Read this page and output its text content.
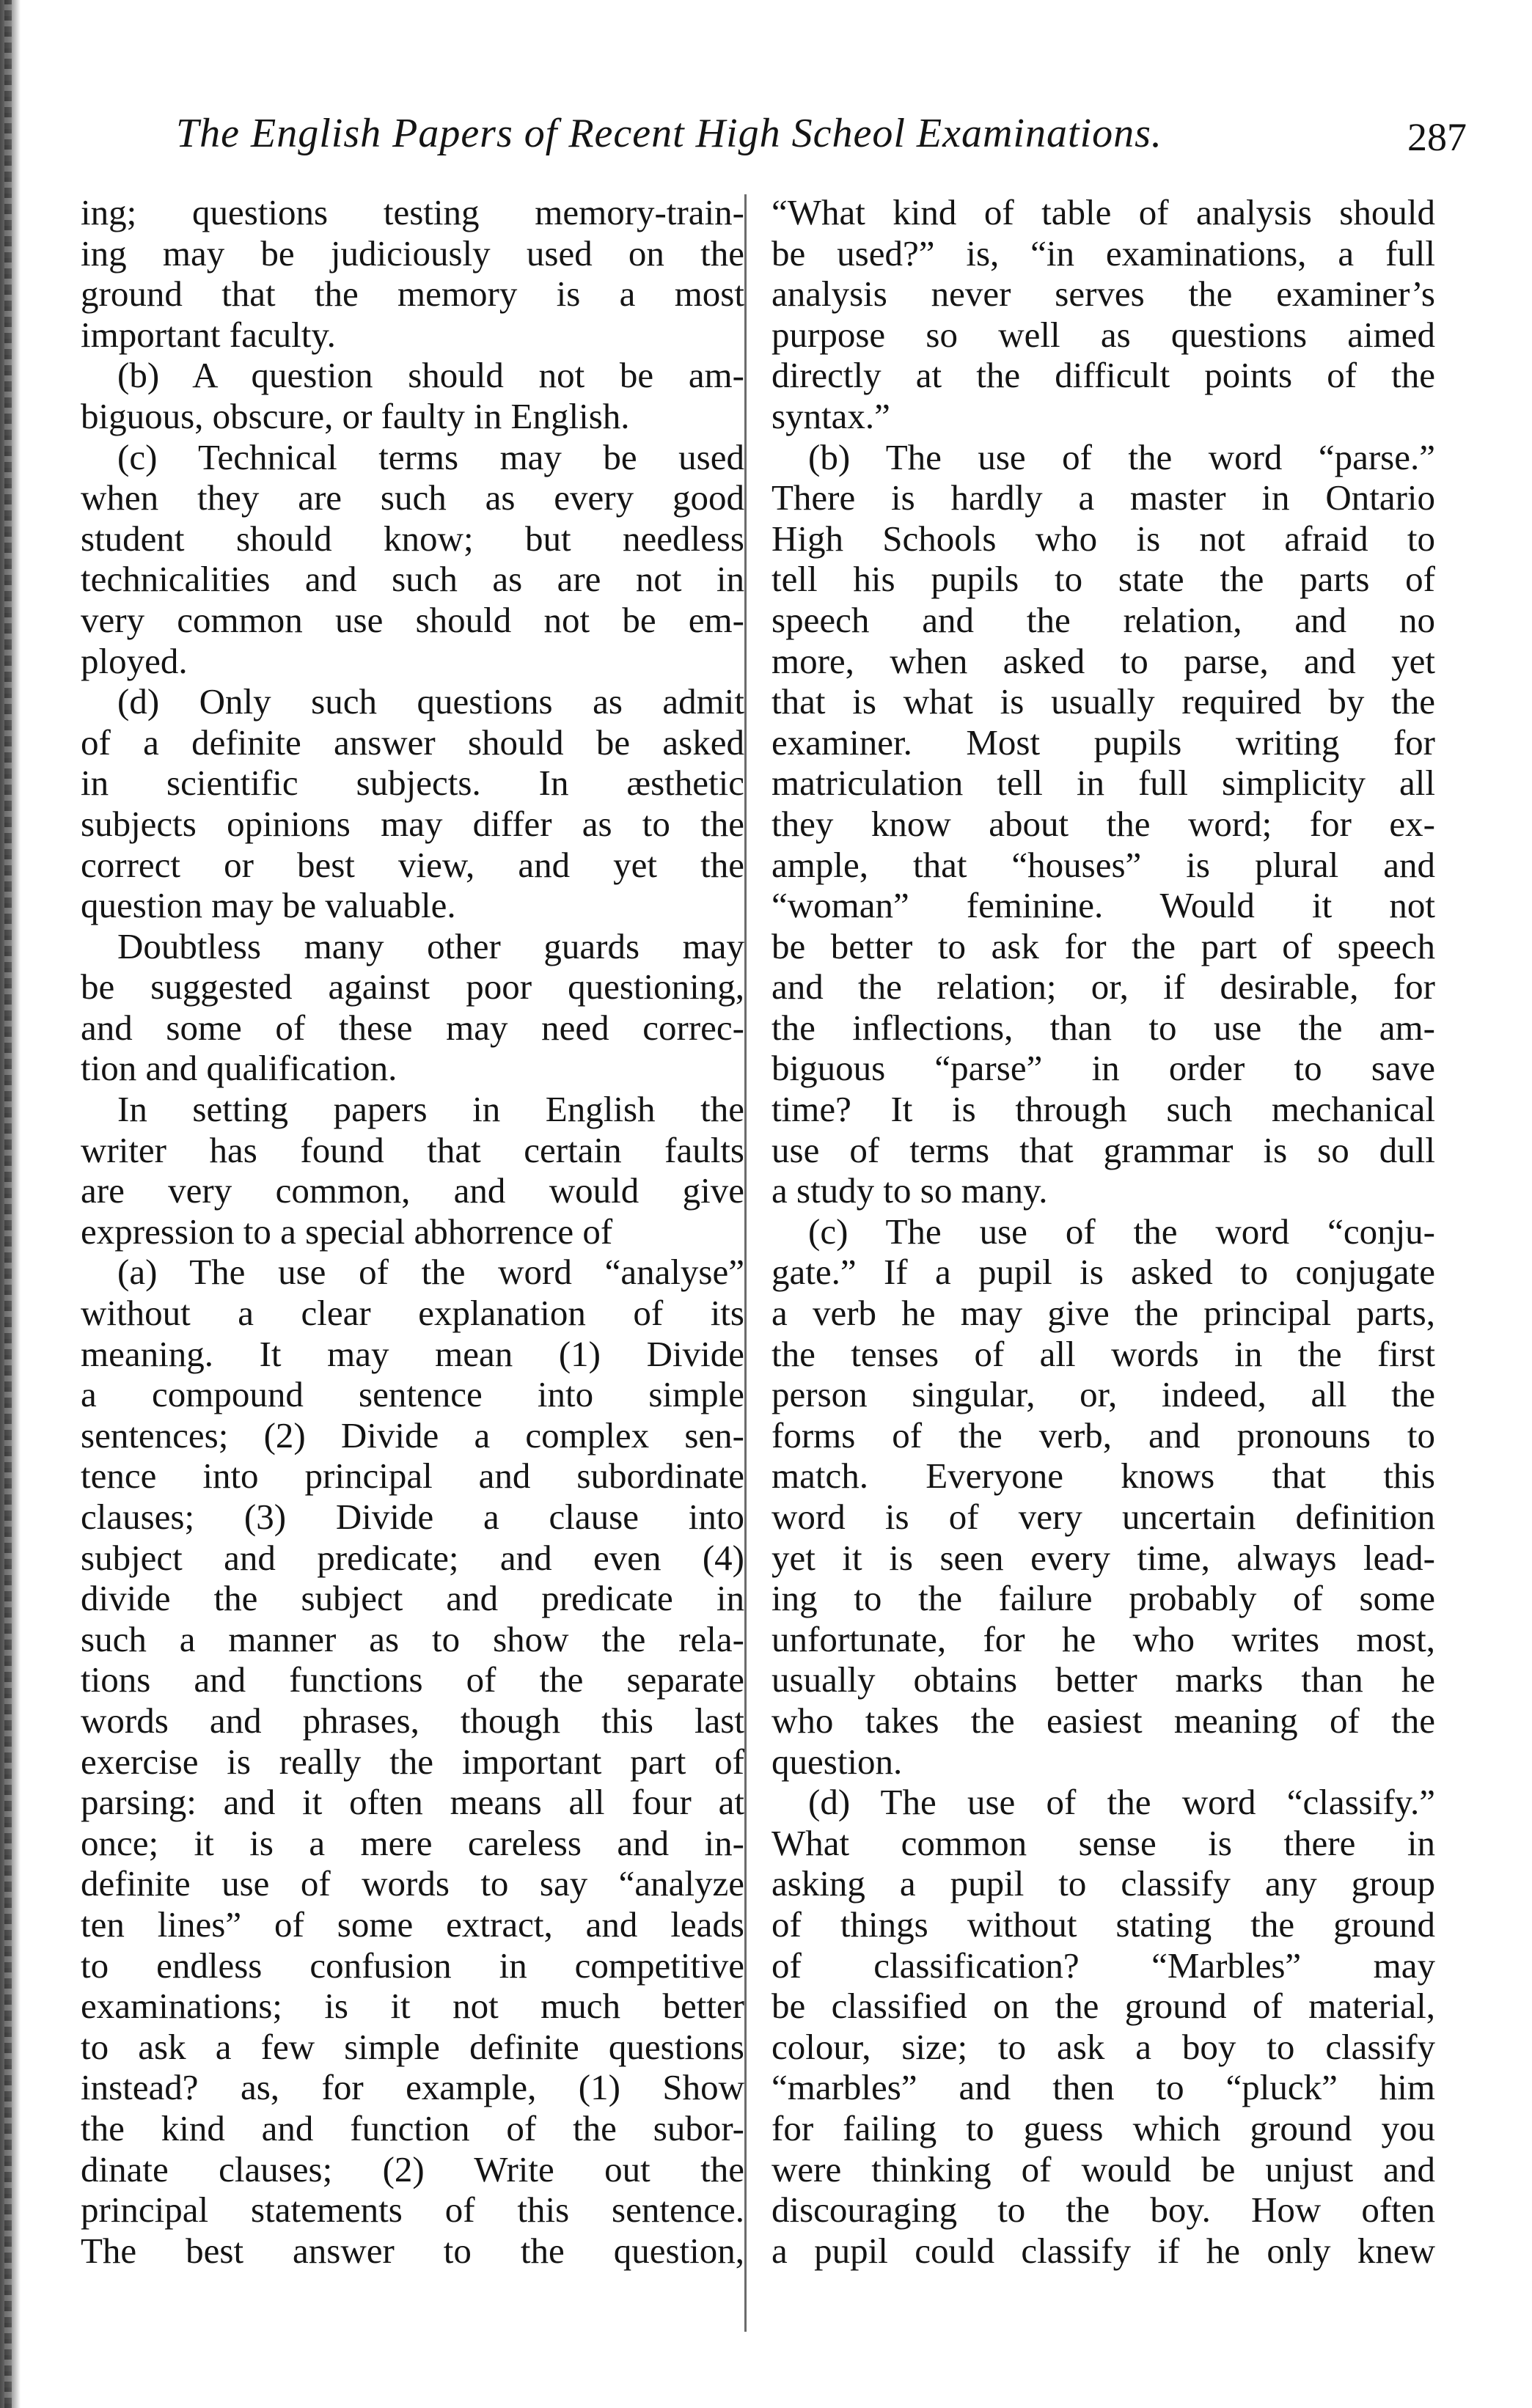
The English Papers of Recent High Scheol Examinations.	287
ing; questions testing memory-train-
ing may be judiciously used on the
ground that the memory is a most
important faculty.
(b) A question should not be am-
biguous, obscure, or faulty in English.
(c) Technical terms may be used
when they are such as every good
student should know; but needless
technicalities and such as are not in
very common use should not be em-
ployed.
(d) Only such questions as admit
of a definite answer should be asked
in scientific subjects. In æsthetic
subjects opinions may differ as to the
correct or best view, and yet the
question may be valuable.
Doubtless many other guards may
be suggested against poor questioning,
and some of these may need correc-
tion and qualification.
In setting papers in English the
writer has found that certain faults
are very common, and would give
expression to a special abhorrence of
(a) The use of the word “analyse”
without a clear explanation of its
meaning. It may mean (1) Divide
a compound sentence into simple
sentences; (2) Divide a complex sen-
tence into principal and subordinate
clauses; (3) Divide a clause into
subject and predicate; and even (4)
divide the subject and predicate in
such a manner as to show the rela-
tions and functions of the separate
words and phrases, though this last
exercise is really the important part of
parsing: and it often means all four at
once; it is a mere careless and in-
definite use of words to say “analyze
ten lines” of some extract, and leads
to endless confusion in competitive
examinations; is it not much better
to ask a few simple definite questions
instead? as, for example, (1) Show
the kind and function of the subor-
dinate clauses; (2) Write out the
principal statements of this sentence.
The best answer to the question,
“What kind of table of analysis should
be used?” is, “in examinations, a full
analysis never serves the examiner’s
purpose so well as questions aimed
directly at the difficult points of the
syntax.”
(b) The use of the word “parse.”
There is hardly a master in Ontario
High Schools who is not afraid to
tell his pupils to state the parts of
speech and the relation, and no
more, when asked to parse, and yet
that is what is usually required by the
examiner. Most pupils writing for
matriculation tell in full simplicity all
they know about the word; for ex-
ample, that “houses” is plural and
“woman” feminine. Would it not
be better to ask for the part of speech
and the relation; or, if desirable, for
the inflections, than to use the am-
biguous “parse” in order to save
time? It is through such mechanical
use of terms that grammar is so dull
a study to so many.
(c) The use of the word “conju-
gate.” If a pupil is asked to conjugate
a verb he may give the principal parts,
the tenses of all words in the first
person singular, or, indeed, all the
forms of the verb, and pronouns to
match. Everyone knows that this
word is of very uncertain definition
yet it is seen every time, always lead-
ing to the failure probably of some
unfortunate, for he who writes most,
usually obtains better marks than he
who takes the easiest meaning of the
question.
(d) The use of the word “classify.”
What common sense is there in
asking a pupil to classify any group
of things without stating the ground
of classification? “Marbles” may
be classified on the ground of material,
colour, size; to ask a boy to classify
“marbles” and then to “pluck” him
for failing to guess which ground you
were thinking of would be unjust and
discouraging to the boy. How often
a pupil could classify if he only knew
